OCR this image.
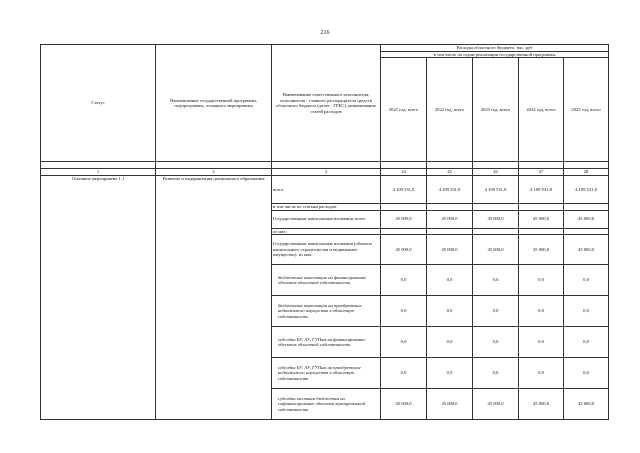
216
Статус	Наименование государственной программы, подпрограммы, основного мероприятия	Наименование ответственного исполнителя, исполнителя - главного распорядителя средств областного бюджета (далее - ГРБС), наименование статей расходов	Расходы областного бюджета, тыс. руб				
			в том числе по годам реализации государственной программы				
			2021 год, всего	2022 год, всего	2023 год, всего	2024 год, всего	2025 год, всего

1	2	3	24	25	26	27	28
Основное мероприятие 1.1	Развитие и модернизация дошкольного образования	всего	4 109 531,8	4 109 531,8	4 109 531,8	4 109 531,8	4 109 531,8
		в том числе по статьям расходов					
		Государственные капитальные вложения, всего	45 000,0	45 000,0	45 000,0	45 000,0	45 000,0
		из них:					
		Государственные капитальные вложения (объекты капитального строительства и недвижимое имущество), из них:	45 000,0	45 000,0	45 000,0	45 000,0	45 000,0
		бюджетные инвестиции на финансирование объектов областной собственности	0,0	0,0	0,0	0,0	0,0
		бюджетные инвестиции на приобретение недвижимого имущества в областную собственность	0,0	0,0	0,0	0,0	0,0
		субсидии БУ, АУ, ГУПам на финансирование объектов областной собственности	0,0	0,0	0,0	0,0	0,0
		субсидии БУ, АУ, ГУПам на приобретение недвижимого имущества в областную собственность	0,0	0,0	0,0	0,0	0,0
		субсидии местным бюджетам на софинансирование объектов муниципальной собственности	45 000,0	45 000,0	45 000,0	45 000,0	45 000,0
